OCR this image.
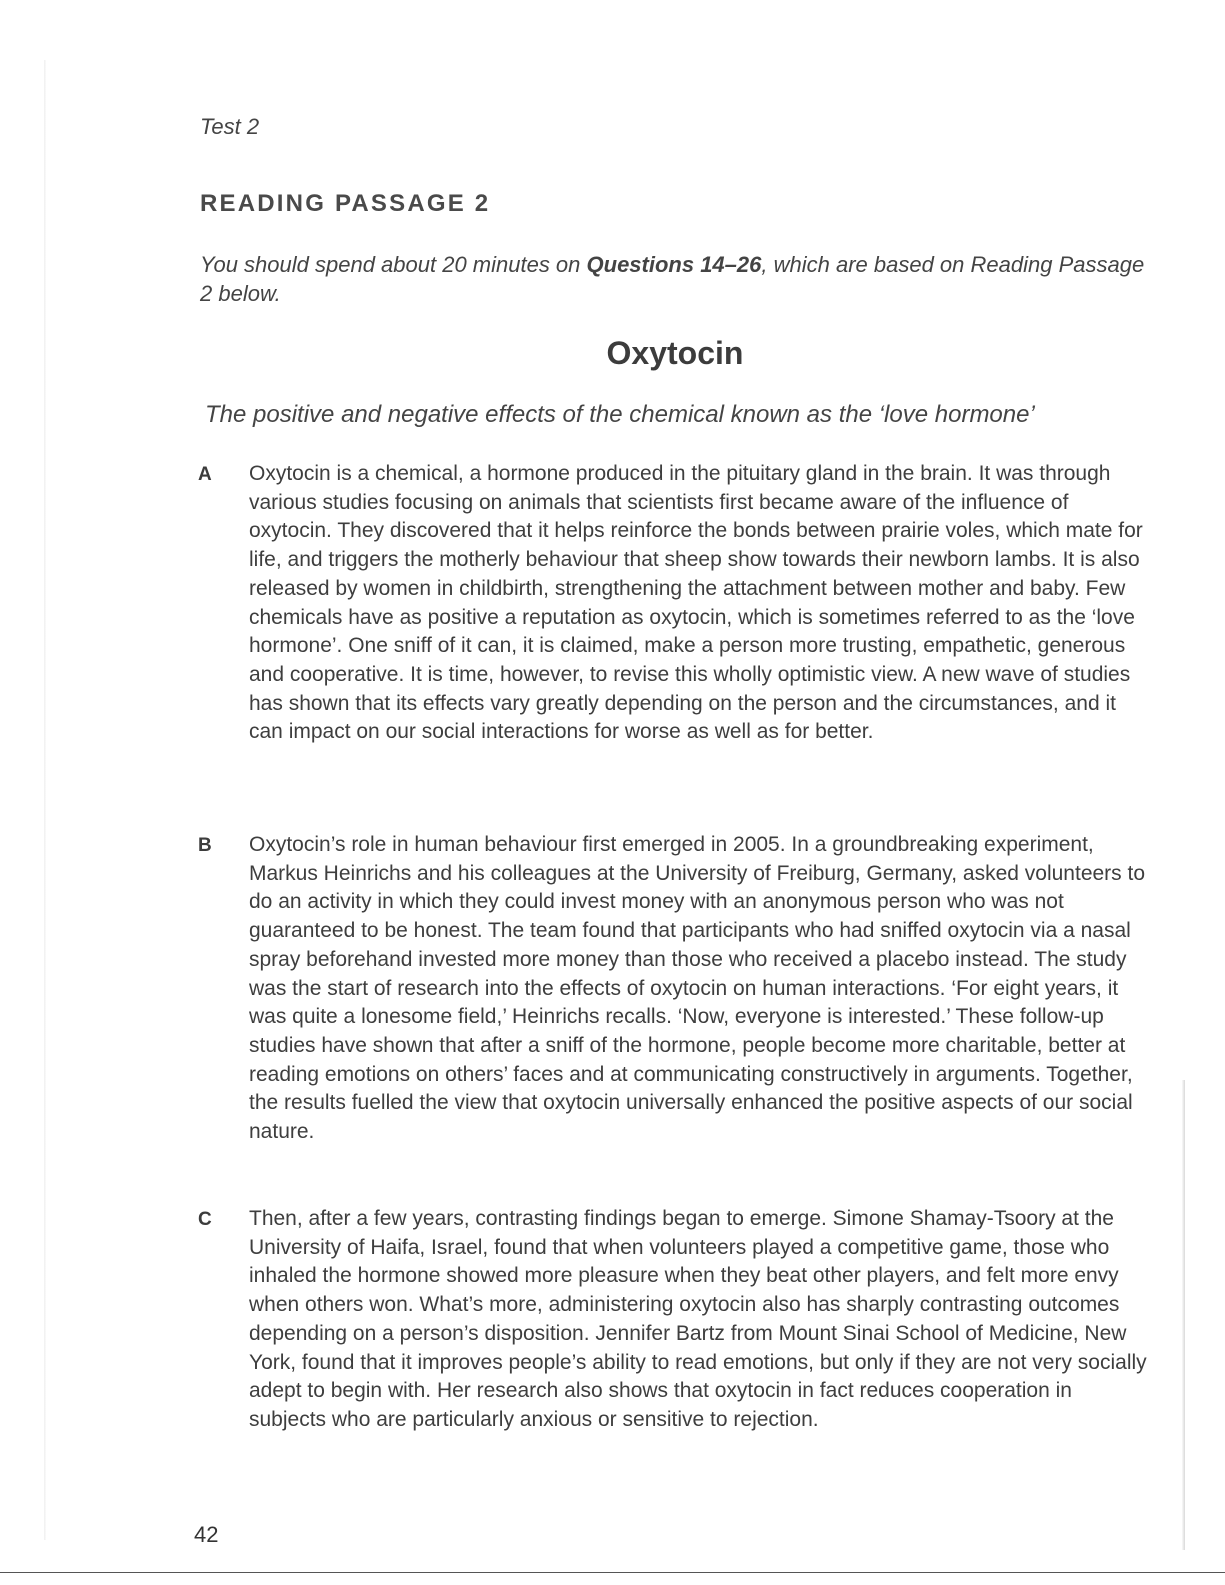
Test 2
READING PASSAGE 2
You should spend about 20 minutes on Questions 14–26, which are based on Reading Passage 2 below.
Oxytocin
The positive and negative effects of the chemical known as the ‘love hormone’
A Oxytocin is a chemical, a hormone produced in the pituitary gland in the brain. It was through various studies focusing on animals that scientists first became aware of the influence of oxytocin. They discovered that it helps reinforce the bonds between prairie voles, which mate for life, and triggers the motherly behaviour that sheep show towards their newborn lambs. It is also released by women in childbirth, strengthening the attachment between mother and baby. Few chemicals have as positive a reputation as oxytocin, which is sometimes referred to as the ‘love hormone’. One sniff of it can, it is claimed, make a person more trusting, empathetic, generous and cooperative. It is time, however, to revise this wholly optimistic view. A new wave of studies has shown that its effects vary greatly depending on the person and the circumstances, and it can impact on our social interactions for worse as well as for better.
B Oxytocin’s role in human behaviour first emerged in 2005. In a groundbreaking experiment, Markus Heinrichs and his colleagues at the University of Freiburg, Germany, asked volunteers to do an activity in which they could invest money with an anonymous person who was not guaranteed to be honest. The team found that participants who had sniffed oxytocin via a nasal spray beforehand invested more money than those who received a placebo instead. The study was the start of research into the effects of oxytocin on human interactions. ‘For eight years, it was quite a lonesome field,’ Heinrichs recalls. ‘Now, everyone is interested.’ These follow-up studies have shown that after a sniff of the hormone, people become more charitable, better at reading emotions on others’ faces and at communicating constructively in arguments. Together, the results fuelled the view that oxytocin universally enhanced the positive aspects of our social nature.
C Then, after a few years, contrasting findings began to emerge. Simone Shamay-Tsoory at the University of Haifa, Israel, found that when volunteers played a competitive game, those who inhaled the hormone showed more pleasure when they beat other players, and felt more envy when others won. What’s more, administering oxytocin also has sharply contrasting outcomes depending on a person’s disposition. Jennifer Bartz from Mount Sinai School of Medicine, New York, found that it improves people’s ability to read emotions, but only if they are not very socially adept to begin with. Her research also shows that oxytocin in fact reduces cooperation in subjects who are particularly anxious or sensitive to rejection.
42
